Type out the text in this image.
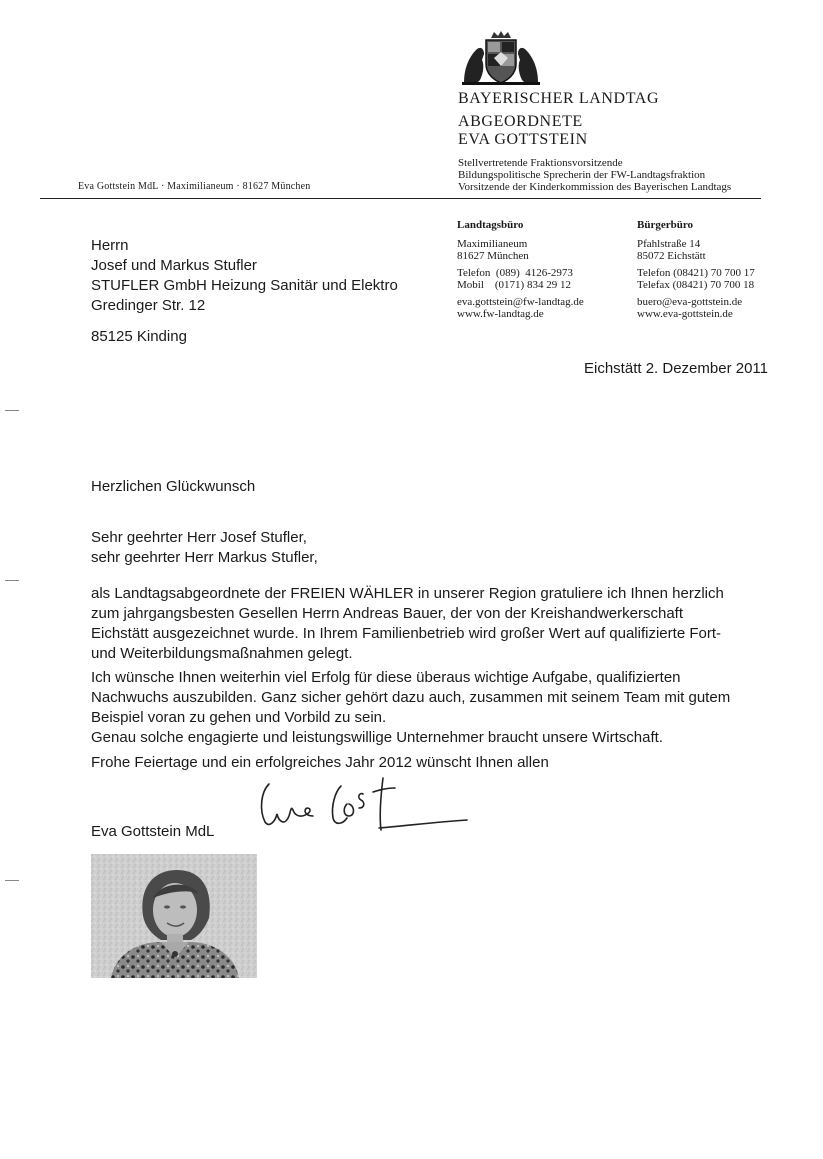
BAYERISCHER LANDTAG
ABGEORDNETE
EVA GOTTSTEIN
Stellvertretende Fraktionsvorsitzende
Bildungspolitische Sprecherin der FW-Landtagsfraktion
Vorsitzende der Kinderkommission des Bayerischen Landtags
Eva Gottstein MdL · Maximilianeum · 81627 München
Landtagsbüro
Maximilianeum
81627 München
Telefon  (089)  4126-2973
Mobil    (0171) 834 29 12
eva.gottstein@fw-landtag.de
www.fw-landtag.de
Bürgerbüro
Pfahlstraße 14
85072 Eichstätt
Telefon (08421) 70 700 17
Telefax (08421) 70 700 18
buero@eva-gottstein.de
www.eva-gottstein.de
Herrn
Josef und Markus Stufler
STUFLER GmbH Heizung Sanitär und Elektro
Gredinger Str. 12
85125 Kinding
Eichstätt 2. Dezember 2011
Herzlichen Glückwunsch
Sehr geehrter Herr Josef Stufler,
sehr geehrter Herr Markus Stufler,
als Landtagsabgeordnete der FREIEN WÄHLER in unserer Region gratuliere ich Ihnen herzlich
zum jahrgangsbesten Gesellen Herrn Andreas Bauer, der von der Kreishandwerkerschaft
Eichstätt ausgezeichnet wurde. In Ihrem Familienbetrieb wird großer Wert auf qualifizierte Fort-
und Weiterbildungsmaßnahmen gelegt.
Ich wünsche Ihnen weiterhin viel Erfolg für diese überaus wichtige Aufgabe, qualifizierten
Nachwuchs auszubilden. Ganz sicher gehört dazu auch, zusammen mit seinem Team mit gutem
Beispiel voran zu gehen und Vorbild zu sein.
Genau solche engagierte und leistungswillige Unternehmer braucht unsere Wirtschaft.
Frohe Feiertage und ein erfolgreiches Jahr 2012 wünscht Ihnen allen
Eva Gottstein MdL
